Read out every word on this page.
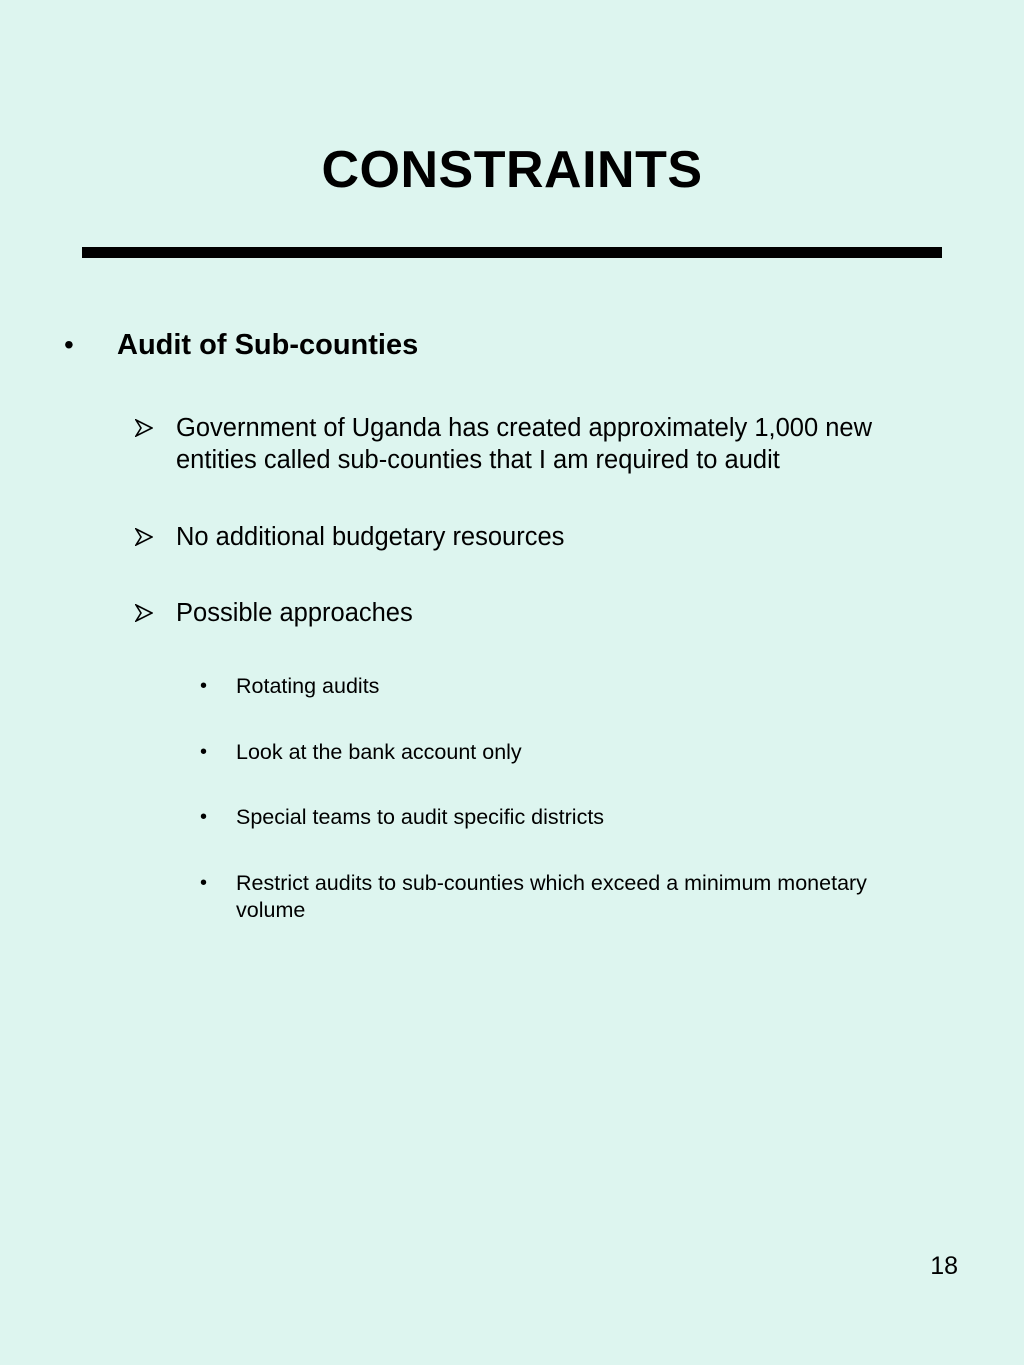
CONSTRAINTS
• Audit of Sub-counties
Government of Uganda has created approximately 1,000 new entities called sub-counties that I am required to audit
No additional budgetary resources
Possible approaches
• Rotating audits
• Look at the bank account only
• Special teams to audit specific districts
• Restrict audits to sub-counties which exceed a minimum monetary volume
18
